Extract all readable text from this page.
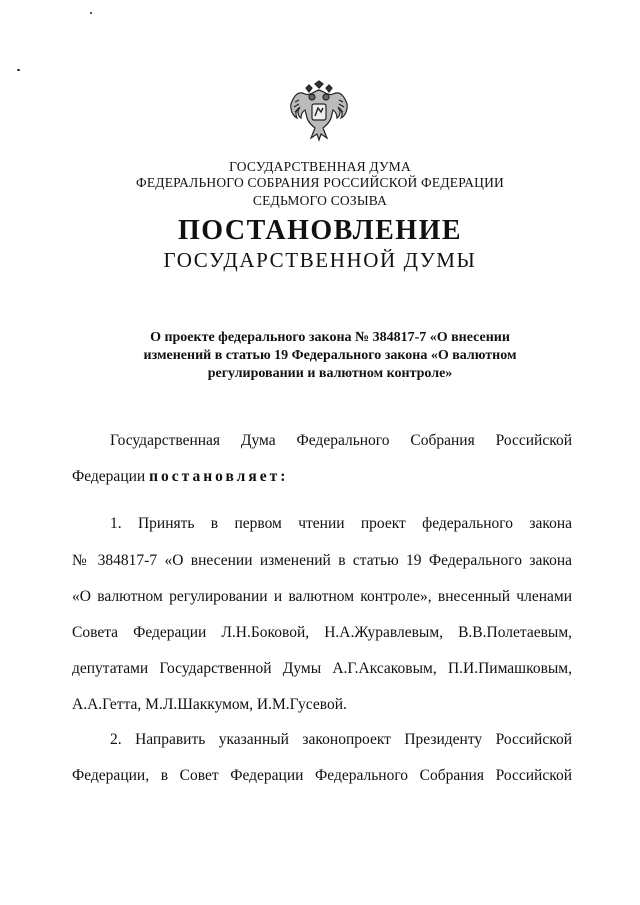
ГОСУДАРСТВЕННАЯ ДУМА
ФЕДЕРАЛЬНОГО СОБРАНИЯ РОССИЙСКОЙ ФЕДЕРАЦИИ
СЕДЬМОГО СОЗЫВА
ПОСТАНОВЛЕНИЕ
ГОСУДАРСТВЕННОЙ ДУМЫ
О проекте федерального закона № 384817-7 «О внесении
изменений в статью 19 Федерального закона «О валютном
регулировании и валютном контроле»
Государственная Дума Федерального Собрания Российской
Федерации постановляет:
1. Принять в первом чтении проект федерального закона
№ 384817-7 «О внесении изменений в статью 19 Федерального закона
«О валютном регулировании и валютном контроле», внесенный членами
Совета Федерации Л.Н.Боковой, Н.А.Журавлевым, В.В.Полетаевым,
депутатами Государственной Думы А.Г.Аксаковым, П.И.Пимашковым,
А.А.Гетта, М.Л.Шаккумом, И.М.Гусевой.
2. Направить указанный законопроект Президенту Российской
Федерации, в Совет Федерации Федерального Собрания Российской
